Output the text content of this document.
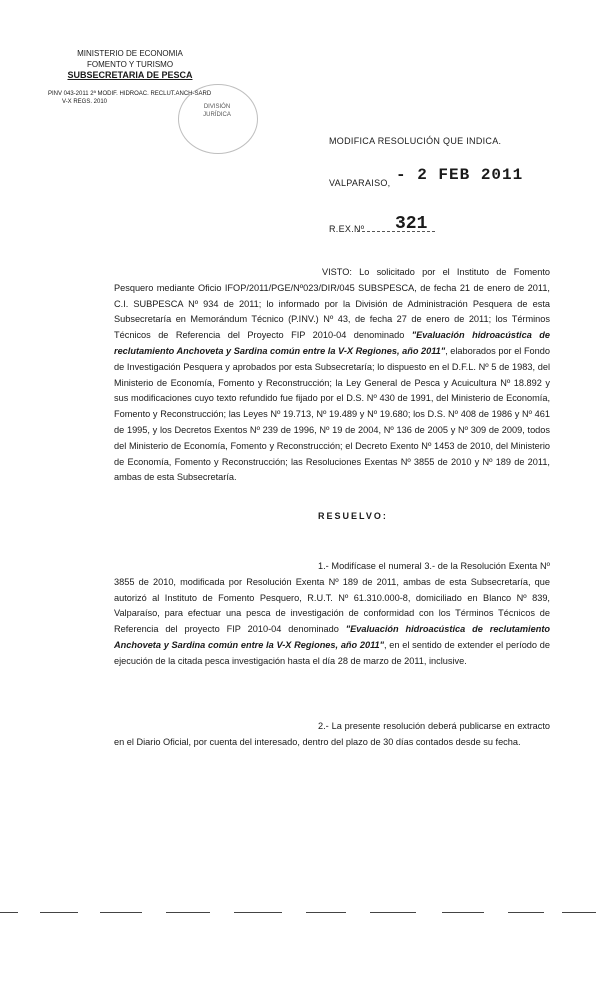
MINISTERIO DE ECONOMIA
FOMENTO Y TURISMO
SUBSECRETARIA DE PESCA
PINV 043-2011 2ª MODIF. HIDROAC. RECLUT.ANCH-SARD
V-X REGS. 2010
DIVISIÓN JURÍDICA
MODIFICA RESOLUCIÓN QUE INDICA.
VALPARAISO, - 2 FEB 2011
R.EX.Nº 321
VISTO: Lo solicitado por el Instituto de Fomento Pesquero mediante Oficio IFOP/2011/PGE/Nº023/DIR/045 SUBSPESCA, de fecha 21 de enero de 2011, C.I. SUBPESCA Nº 934 de 2011; lo informado por la División de Administración Pesquera de esta Subsecretaría en Memorándum Técnico (P.INV.) Nº 43, de fecha 27 de enero de 2011; los Términos Técnicos de Referencia del Proyecto FIP 2010-04 denominado "Evaluación hidroacústica de reclutamiento Anchoveta y Sardina común entre la V-X Regiones, año 2011", elaborados por el Fondo de Investigación Pesquera y aprobados por esta Subsecretaría; lo dispuesto en el D.F.L. Nº 5 de 1983, del Ministerio de Economía, Fomento y Reconstrucción; la Ley General de Pesca y Acuicultura Nº 18.892 y sus modificaciones cuyo texto refundido fue fijado por el D.S. Nº 430 de 1991, del Ministerio de Economía, Fomento y Reconstrucción; las Leyes Nº 19.713, Nº 19.489 y Nº 19.680; los D.S. Nº 408 de 1986 y Nº 461 de 1995, y los Decretos Exentos Nº 239 de 1996, Nº 19 de 2004, Nº 136 de 2005 y Nº 309 de 2009, todos del Ministerio de Economía, Fomento y Reconstrucción; el Decreto Exento Nº 1453 de 2010, del Ministerio de Economía, Fomento y Reconstrucción; las Resoluciones Exentas Nº 3855 de 2010 y Nº 189 de 2011, ambas de esta Subsecretaría.
RESUELVO:
1.- Modifícase el numeral 3.- de la Resolución Exenta Nº 3855 de 2010, modificada por Resolución Exenta Nº 189 de 2011, ambas de esta Subsecretaría, que autorizó al Instituto de Fomento Pesquero, R.U.T. Nº 61.310.000-8, domiciliado en Blanco Nº 839, Valparaíso, para efectuar una pesca de investigación de conformidad con los Términos Técnicos de Referencia del proyecto FIP 2010-04 denominado "Evaluación hidroacústica de reclutamiento Anchoveta y Sardina común entre la V-X Regiones, año 2011", en el sentido de extender el período de ejecución de la citada pesca investigación hasta el día 28 de marzo de 2011, inclusive.
2.- La presente resolución deberá publicarse en extracto en el Diario Oficial, por cuenta del interesado, dentro del plazo de 30 días contados desde su fecha.
